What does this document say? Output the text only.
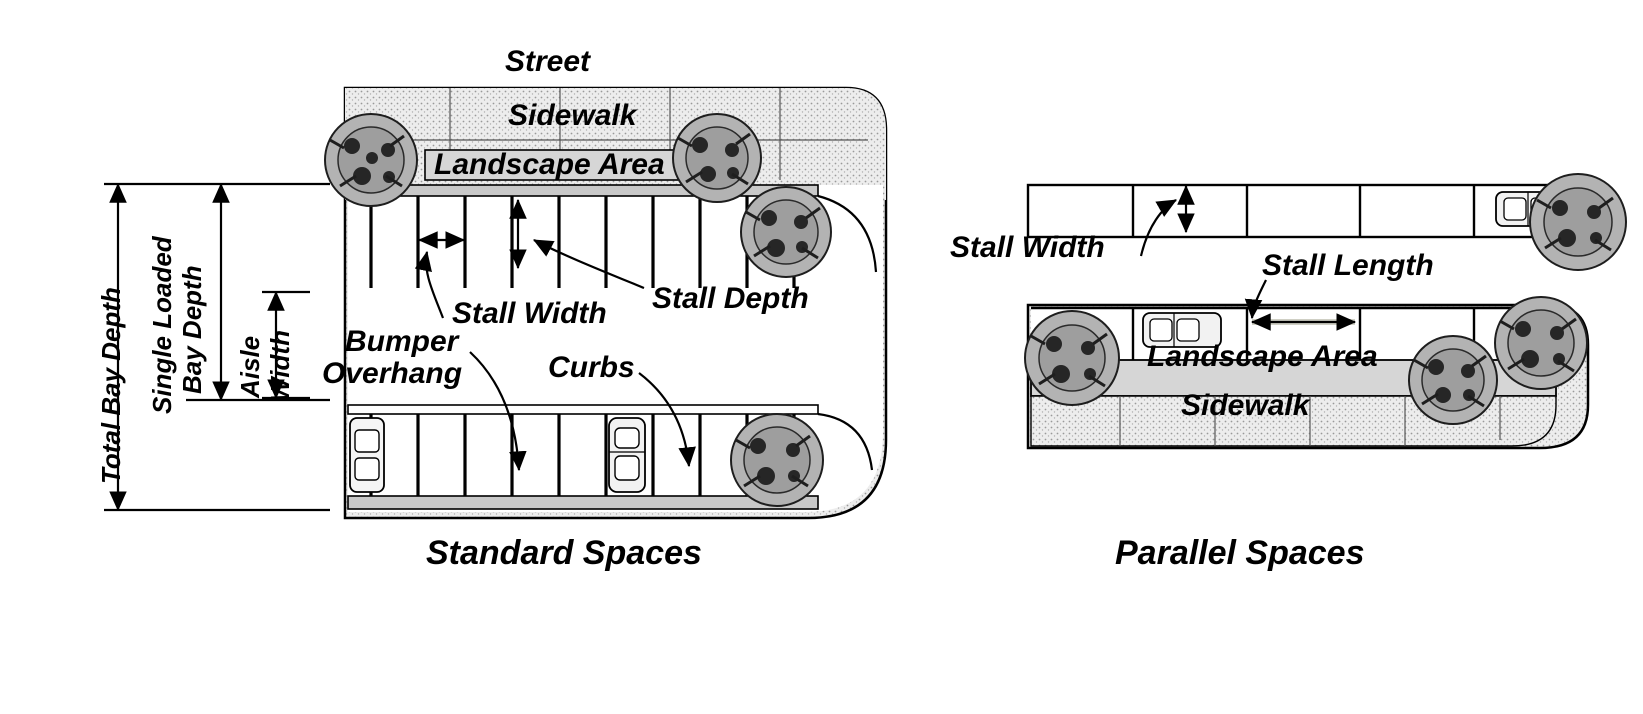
Street
Sidewalk
Landscape Area
Total Bay Depth Single Loaded Bay Depth Aisle Width
Stall Width Stall Depth
Bumper
Overhang	Curbs
Standard Spaces
Stall Width
Stall Length
Landscape Area
Sidewalk
Parallel Spaces
